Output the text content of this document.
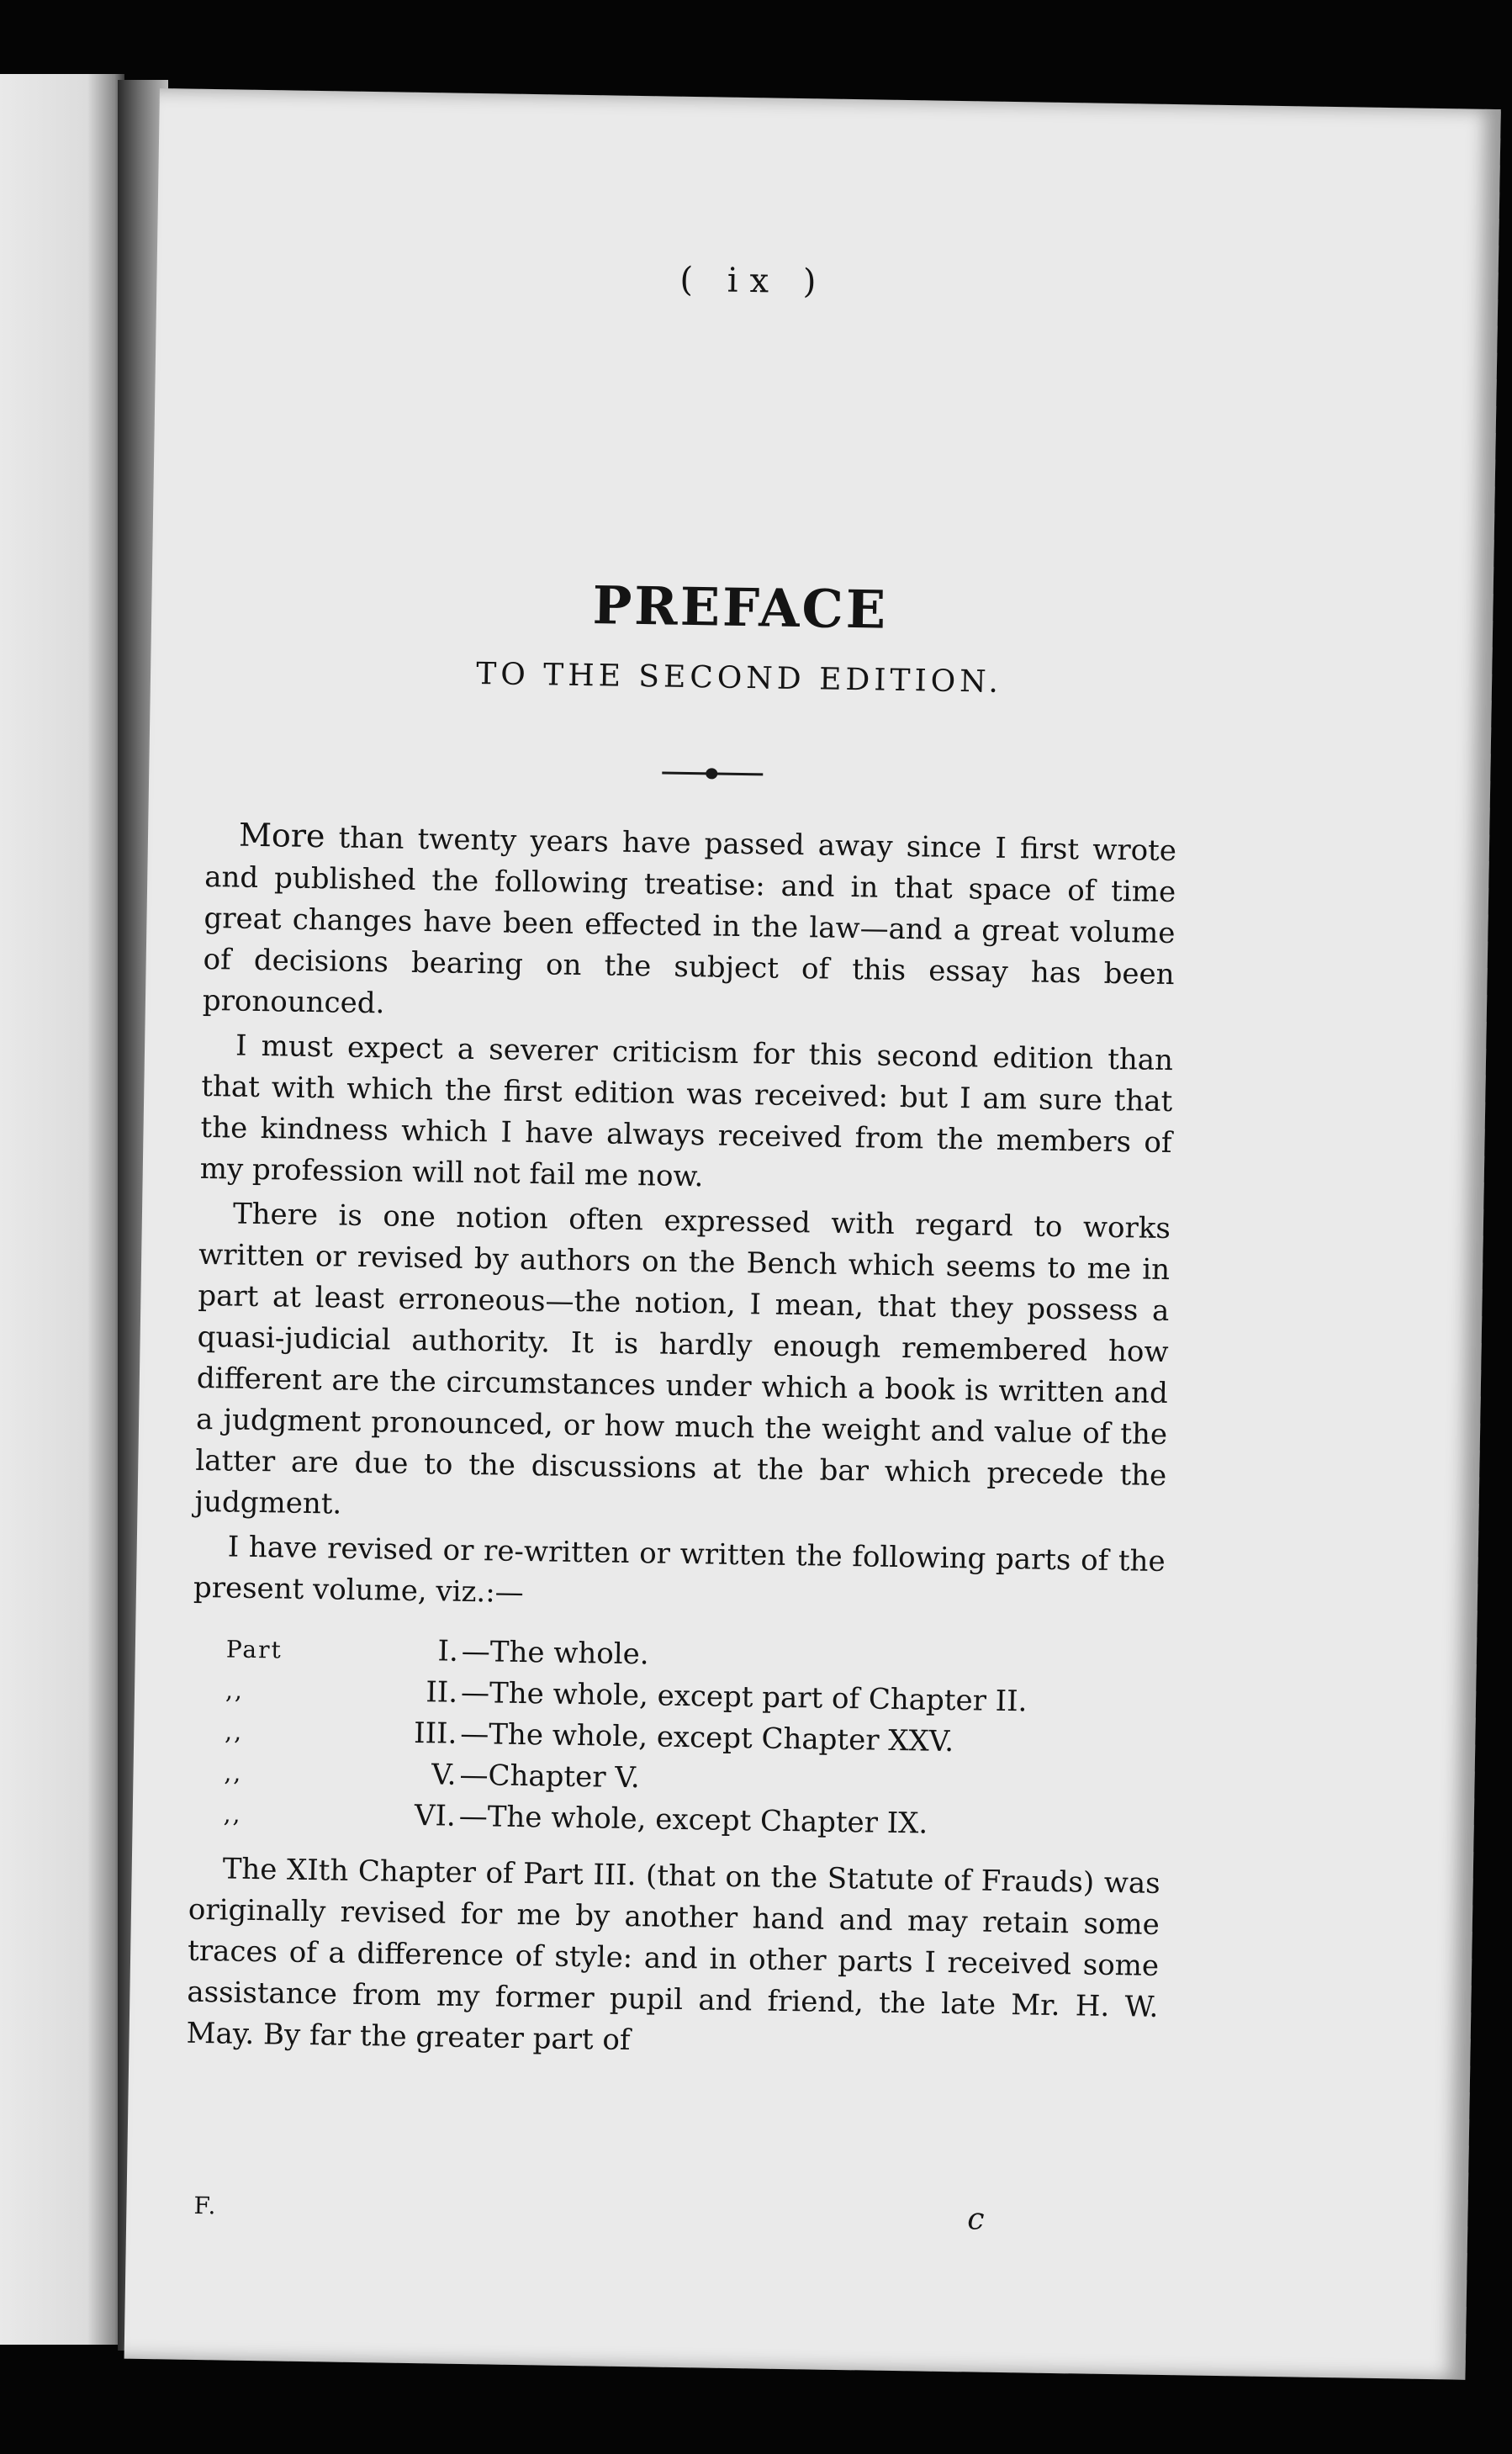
( ix )
PREFACE
TO THE SECOND EDITION.

More than twenty years have passed away since I first wrote and published the following treatise: and in that space of time great changes have been effected in the law—and a great volume of decisions bearing on the subject of this essay has been pronounced.

I must expect a severer criticism for this second edition than that with which the first edition was received: but I am sure that the kindness which I have always received from the members of my profession will not fail me now.

There is one notion often expressed with regard to works written or revised by authors on the Bench which seems to me in part at least erroneous—the notion, I mean, that they possess a quasi-judicial authority. It is hardly enough remembered how different are the circumstances under which a book is written and a judgment pronounced, or how much the weight and value of the latter are due to the discussions at the bar which precede the judgment.

I have revised or re-written or written the following parts of the present volume, viz.:—

Part	I. —The whole.
,,	II. —The whole, except part of Chapter II.
,,	III. —The whole, except Chapter XXV.
,,	V. —Chapter V.
,,	VI. —The whole, except Chapter IX.

The XIth Chapter of Part III. (that on the Statute of Frauds) was originally revised for me by another hand and may retain some traces of a difference of style: and in other parts I received some assistance from my former pupil and friend, the late Mr. H. W. May. By far the greater part of

F.	c
